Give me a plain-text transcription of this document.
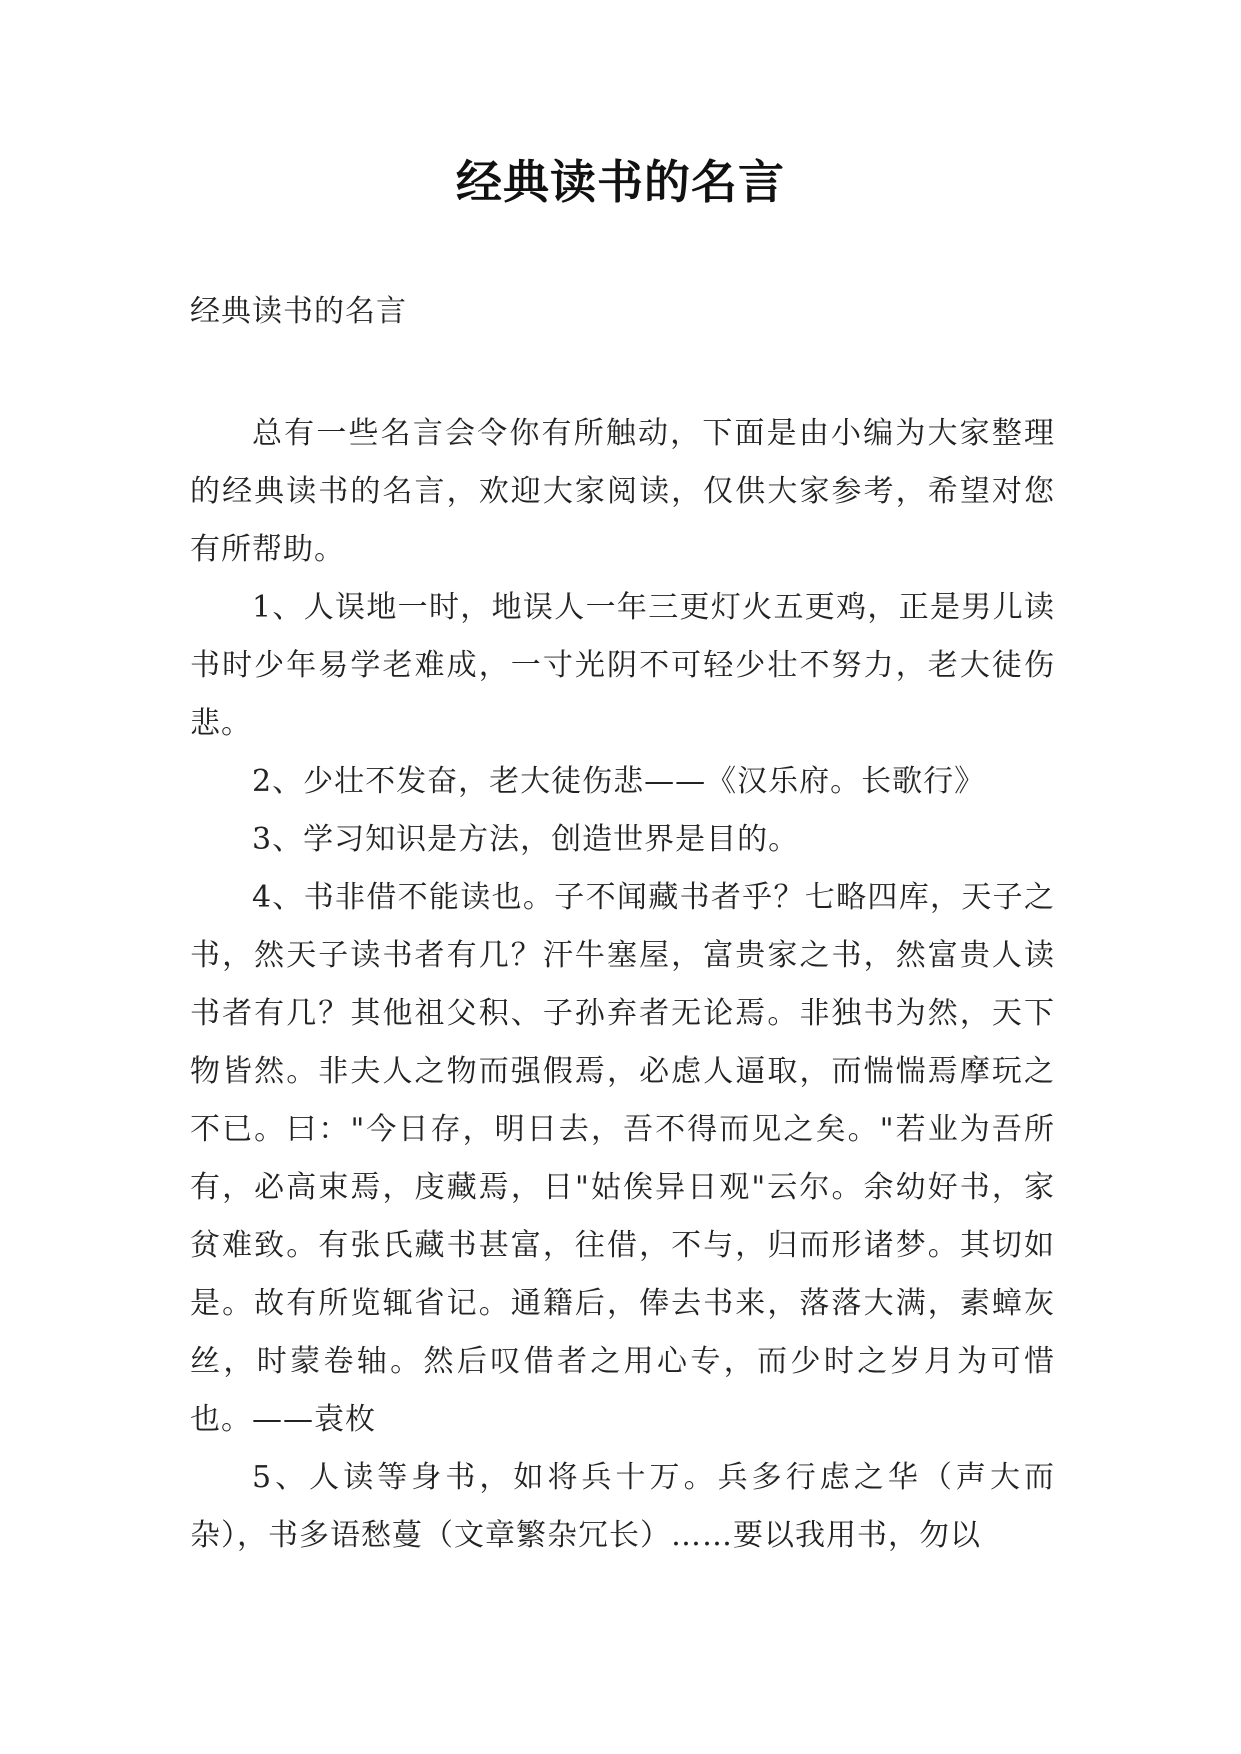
经典读书的名言
经典读书的名言

总有一些名言会令你有所触动，下面是由小编为大家整理的经典读书的名言，欢迎大家阅读，仅供大家参考，希望对您有所帮助。

1、人误地一时，地误人一年三更灯火五更鸡，正是男儿读书时少年易学老难成，一寸光阴不可轻少壮不努力，老大徒伤悲。

2、少壮不发奋，老大徒伤悲——《汉乐府。长歌行》

3、学习知识是方法，创造世界是目的。

4、书非借不能读也。子不闻藏书者乎？七略四库，天子之书，然天子读书者有几？汗牛塞屋，富贵家之书，然富贵人读书者有几？其他祖父积、子孙弃者无论焉。非独书为然，天下物皆然。非夫人之物而强假焉，必虑人逼取，而惴惴焉摩玩之不已。曰："今日存，明日去，吾不得而见之矣。"若业为吾所有，必高束焉，庋藏焉，日"姑俟异日观"云尔。余幼好书，家贫难致。有张氏藏书甚富，往借，不与，归而形诸梦。其切如是。故有所览辄省记。通籍后，俸去书来，落落大满，素蟑灰丝，时蒙卷轴。然后叹借者之用心专，而少时之岁月为可惜也。——袁枚

5、人读等身书，如将兵十万。兵多行虑之华（声大而杂），书多语愁蔓（文章繁杂冗长）……要以我用书，勿以
